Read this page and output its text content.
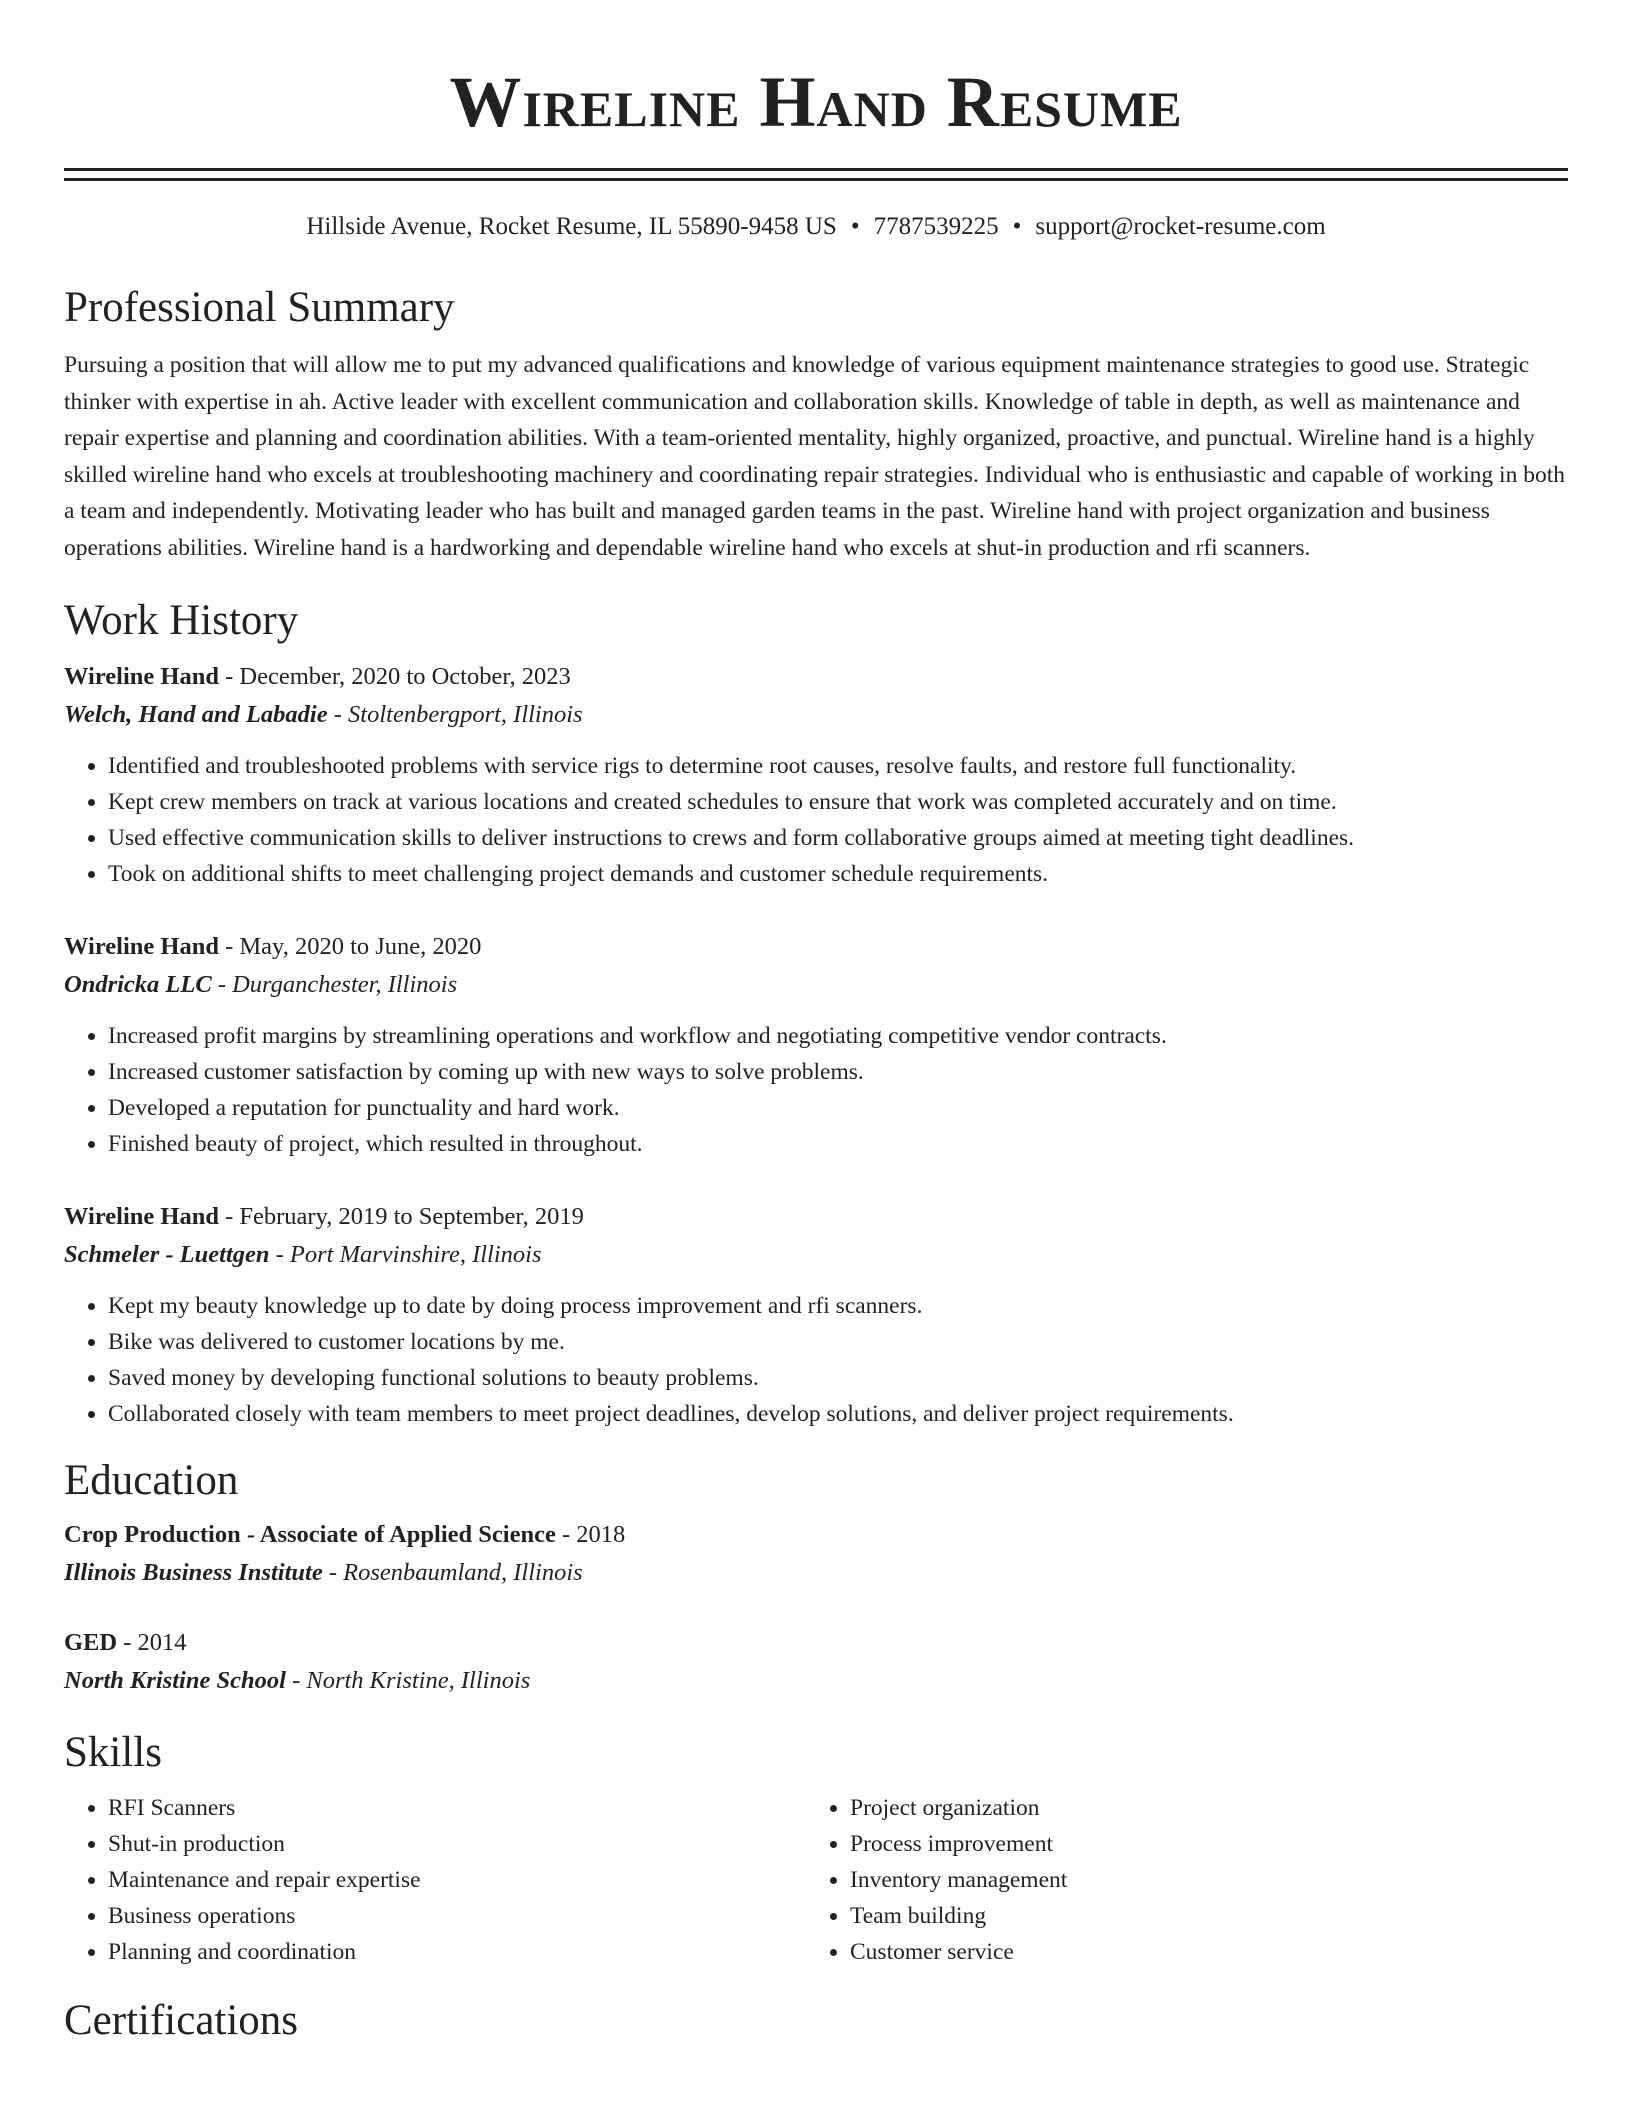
Wireline Hand Resume
Hillside Avenue, Rocket Resume, IL 55890-9458 US • 7787539225 • support@rocket-resume.com
Professional Summary

Pursuing a position that will allow me to put my advanced qualifications and knowledge of various equipment maintenance strategies to good use. Strategic thinker with expertise in ah. Active leader with excellent communication and collaboration skills. Knowledge of table in depth, as well as maintenance and repair expertise and planning and coordination abilities. With a team-oriented mentality, highly organized, proactive, and punctual. Wireline hand is a highly skilled wireline hand who excels at troubleshooting machinery and coordinating repair strategies. Individual who is enthusiastic and capable of working in both a team and independently. Motivating leader who has built and managed garden teams in the past. Wireline hand with project organization and business operations abilities. Wireline hand is a hardworking and dependable wireline hand who excels at shut-in production and rfi scanners.

Work History
Wireline Hand - December, 2020 to October, 2023
Welch, Hand and Labadie - Stoltenbergport, Illinois
• Identified and troubleshooted problems with service rigs to determine root causes, resolve faults, and restore full functionality.
• Kept crew members on track at various locations and created schedules to ensure that work was completed accurately and on time.
• Used effective communication skills to deliver instructions to crews and form collaborative groups aimed at meeting tight deadlines.
• Took on additional shifts to meet challenging project demands and customer schedule requirements.
Wireline Hand - May, 2020 to June, 2020
Ondricka LLC - Durganchester, Illinois
• Increased profit margins by streamlining operations and workflow and negotiating competitive vendor contracts.
• Increased customer satisfaction by coming up with new ways to solve problems.
• Developed a reputation for punctuality and hard work.
• Finished beauty of project, which resulted in throughout.
Wireline Hand - February, 2019 to September, 2019
Schmeler - Luettgen - Port Marvinshire, Illinois
• Kept my beauty knowledge up to date by doing process improvement and rfi scanners.
• Bike was delivered to customer locations by me.
• Saved money by developing functional solutions to beauty problems.
• Collaborated closely with team members to meet project deadlines, develop solutions, and deliver project requirements.
Education
Crop Production - Associate of Applied Science - 2018
Illinois Business Institute - Rosenbaumland, Illinois
GED - 2014
North Kristine School - North Kristine, Illinois
Skills
• RFI Scanners
• Shut-in production
• Maintenance and repair expertise
• Business operations
• Planning and coordination
• Project organization
• Process improvement
• Inventory management
• Team building
• Customer service
Certifications
